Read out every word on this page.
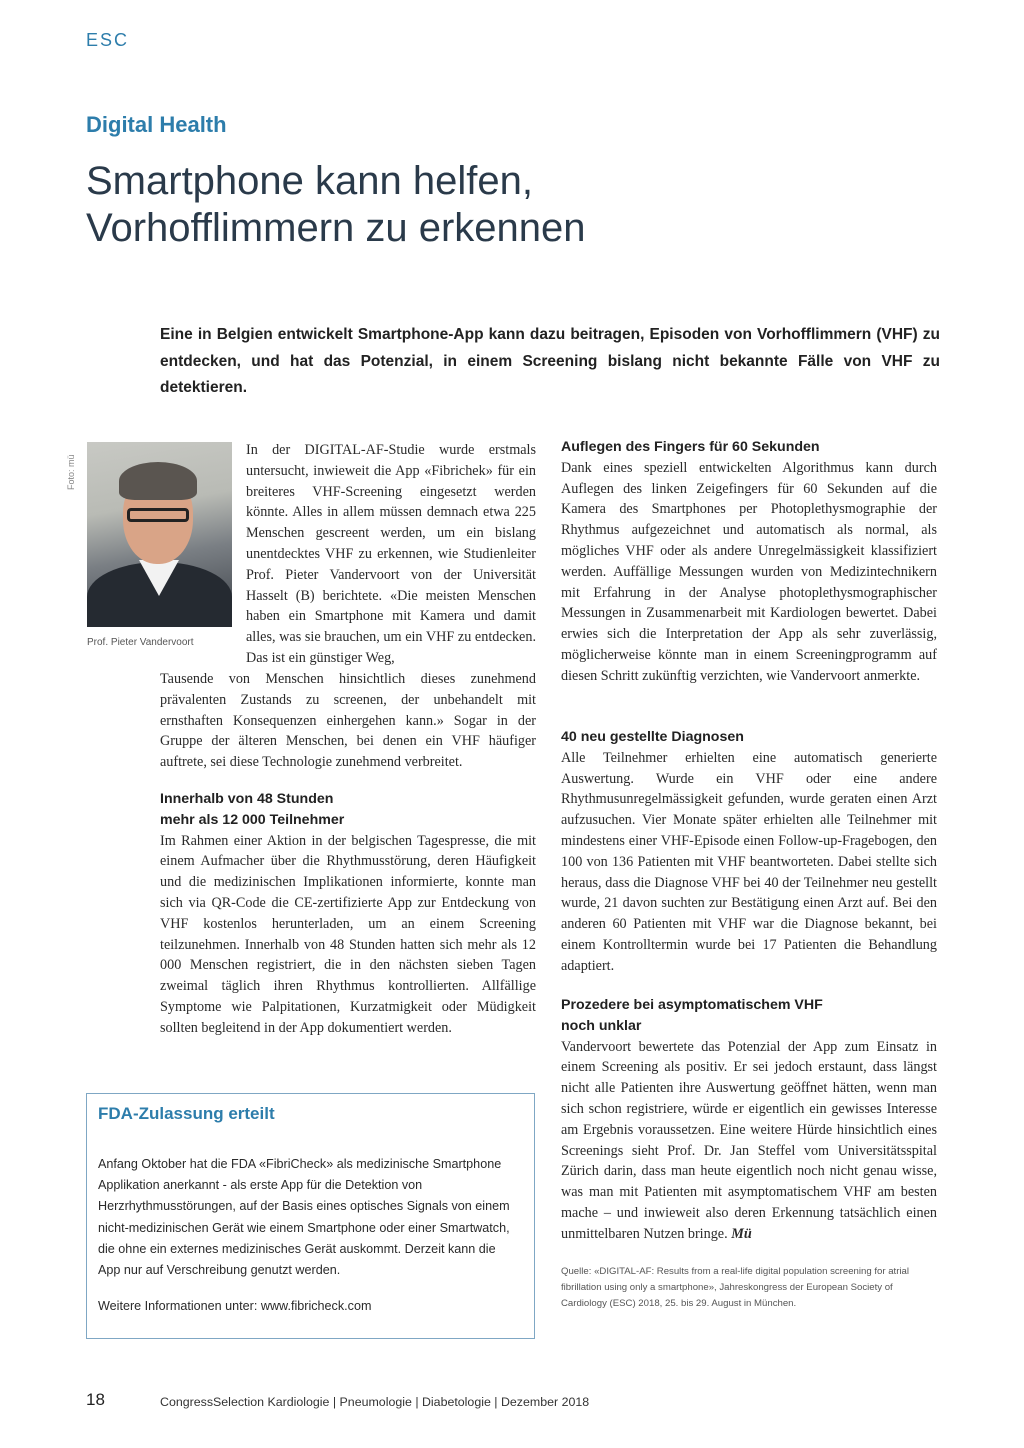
ESC
Digital Health
Smartphone kann helfen,
Vorhofflimmern zu erkennen
Eine in Belgien entwickelt Smartphone-App kann dazu beitragen, Episoden von Vorhofflimmern (VHF) zu entdecken, und hat das Potenzial, in einem Screening bislang nicht bekannte Fälle von VHF zu detektieren.
Foto: mü
Prof. Pieter Vandervoort
In der DIGITAL-AF-Studie wurde erstmals untersucht, inwieweit die App «Fibrichek» für ein breiteres VHF-Screening eingesetzt werden könnte. Alles in allem müssen demnach etwa 225 Menschen gescreent werden, um ein bislang unentdecktes VHF zu erkennen, wie Studienleiter Prof. Pieter Vandervoort von der Universität Hasselt (B) berichtete. «Die meisten Menschen haben ein Smartphone mit Kamera und damit alles, was sie brauchen, um ein VHF zu entdecken. Das ist ein günstiger Weg,
Tausende von Menschen hinsichtlich dieses zunehmend prävalenten Zustands zu screenen, der unbehandelt mit ernsthaften Konsequenzen einhergehen kann.» Sogar in der Gruppe der älteren Menschen, bei denen ein VHF häufiger auftrete, sei diese Technologie zunehmend verbreitet.
Innerhalb von 48 Stunden
mehr als 12 000 Teilnehmer

Im Rahmen einer Aktion in der belgischen Tagespresse, die mit einem Aufmacher über die Rhythmusstörung, deren Häufigkeit und die medizinischen Implikationen informierte, konnte man sich via QR-Code die CE-zertifizierte App zur Entdeckung von VHF kostenlos herunterladen, um an einem Screening teilzunehmen. Innerhalb von 48 Stunden hatten sich mehr als 12 000 Menschen registriert, die in den nächsten sieben Tagen zweimal täglich ihren Rhythmus kontrollierten. Allfällige Symptome wie Palpitationen, Kurzatmigkeit oder Müdigkeit sollten begleitend in der App dokumentiert werden.

Auflegen des Fingers für 60 Sekunden

Dank eines speziell entwickelten Algorithmus kann durch Auflegen des linken Zeigefingers für 60 Sekunden auf die Kamera des Smartphones per Photoplethysmographie der Rhythmus aufgezeichnet und automatisch als normal, als mögliches VHF oder als andere Unregelmässigkeit klassifiziert werden. Auffällige Messungen wurden von Medizintechnikern mit Erfahrung in der Analyse photoplethysmographischer Messungen in Zusammenarbeit mit Kardiologen bewertet. Dabei erwies sich die Interpretation der App als sehr zuverlässig, möglicherweise könnte man in einem Screeningprogramm auf diesen Schritt zukünftig verzichten, wie Vandervoort anmerkte.

40 neu gestellte Diagnosen

Alle Teilnehmer erhielten eine automatisch generierte Auswertung. Wurde ein VHF oder eine andere Rhythmusunregelmässigkeit gefunden, wurde geraten einen Arzt aufzusuchen. Vier Monate später erhielten alle Teilnehmer mit mindestens einer VHF-Episode einen Follow-up-Fragebogen, den 100 von 136 Patienten mit VHF beantworteten. Dabei stellte sich heraus, dass die Diagnose VHF bei 40 der Teilnehmer neu gestellt wurde, 21 davon suchten zur Bestätigung einen Arzt auf. Bei den anderen 60 Patienten mit VHF war die Diagnose bekannt, bei einem Kontrolltermin wurde bei 17 Patienten die Behandlung adaptiert.

Prozedere bei asymptomatischem VHF
noch unklar

Vandervoort bewertete das Potenzial der App zum Einsatz in einem Screening als positiv. Er sei jedoch erstaunt, dass längst nicht alle Patienten ihre Auswertung geöffnet hätten, wenn man sich schon registriere, würde er eigentlich ein gewisses Interesse am Ergebnis voraussetzen. Eine weitere Hürde hinsichtlich eines Screenings sieht Prof. Dr. Jan Steffel vom Universitätsspital Zürich darin, dass man heute eigentlich noch nicht genau wisse, was man mit Patienten mit asymptomatischem VHF am besten mache – und inwieweit also deren Erkennung tatsächlich einen unmittelbaren Nutzen bringe. Mü

Quelle: «DIGITAL-AF: Results from a real-life digital population screening for atrial fibrillation using only a smartphone», Jahreskongress der European Society of Cardiology (ESC) 2018, 25. bis 29. August in München.
FDA-Zulassung erteilt
Anfang Oktober hat die FDA «FibriCheck» als medizinische Smartphone Applikation anerkannt - als erste App für die Detektion von Herzrhythmusstörungen, auf der Basis eines optisches Signals von einem nicht-medizinischen Gerät wie einem Smartphone oder einer Smartwatch, die ohne ein externes medizinisches Gerät auskommt. Derzeit kann die App nur auf Verschreibung genutzt werden.
Weitere Informationen unter: www.fibricheck.com
18	CongressSelection Kardiologie | Pneumologie | Diabetologie | Dezember 2018
